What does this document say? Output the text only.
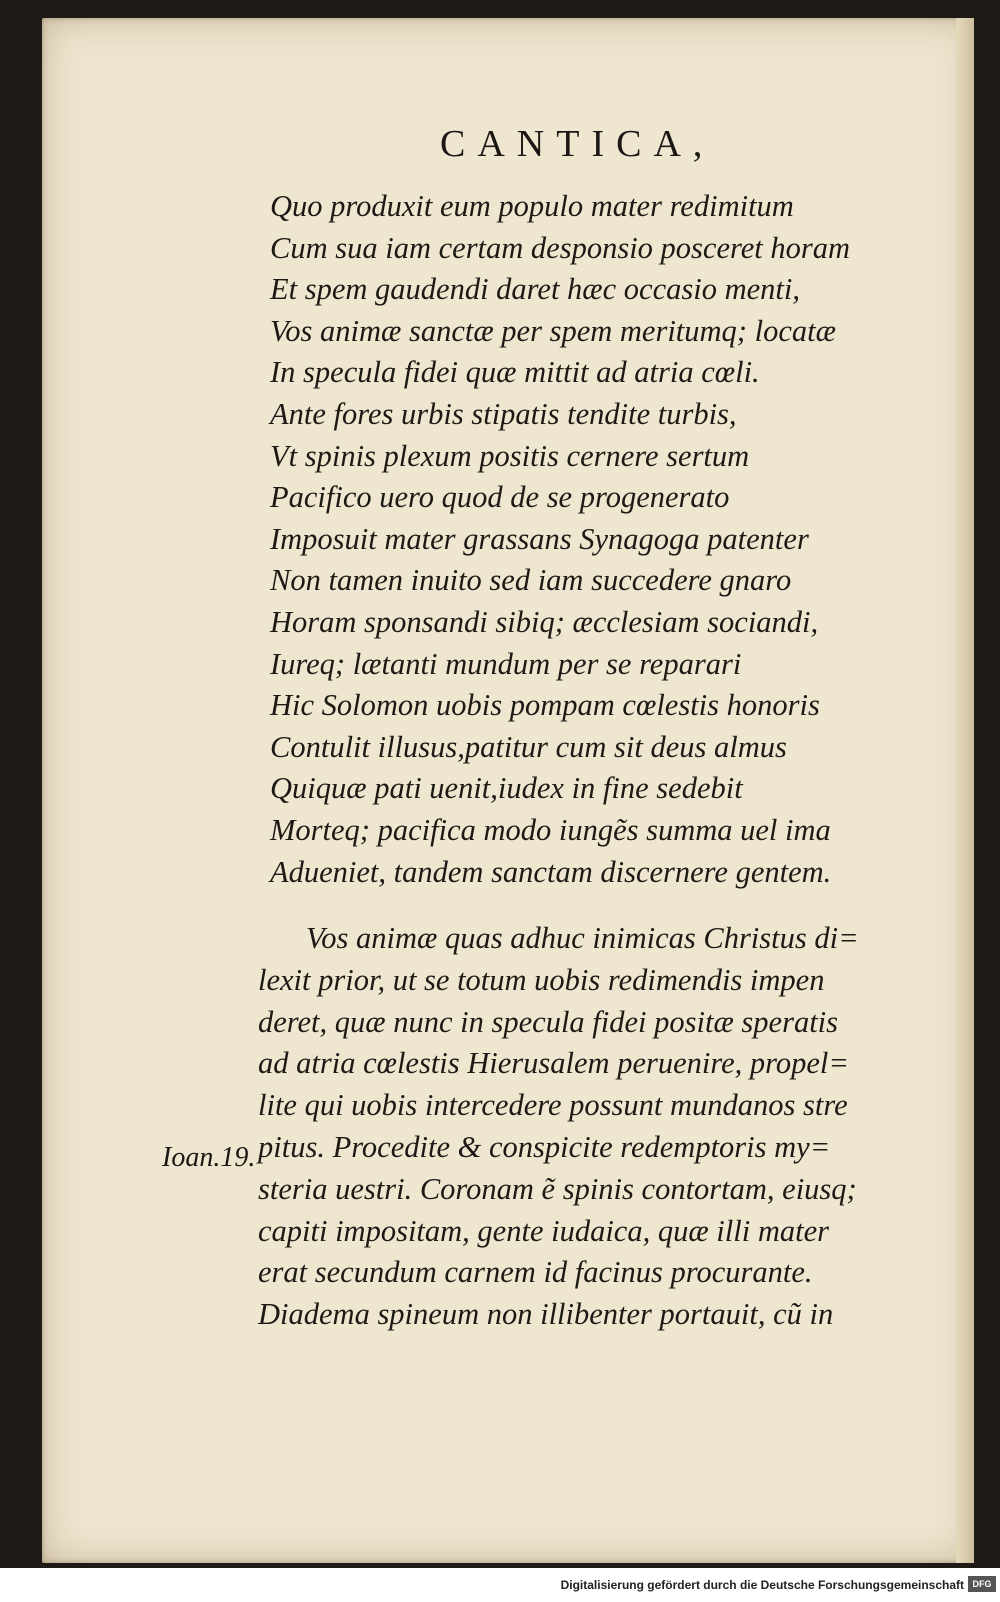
CANTICA,
Quo produxit eum populo mater redimitum
Cum sua iam certam desponsio posceret horam
Et spem gaudendi daret hæc occasio menti,
Vos animæ sanctæ per spem meritumq; locatæ
In specula fidei quæ mittit ad atria cœli.
Ante fores urbis stipatis tendite turbis,
Vt spinis plexum positis cernere sertum
Pacifico uero quod de se progenerato
Imposuit mater grassans Synagoga patenter
Non tamen inuito sed iam succedere gnaro
Horam sponsandi sibiq; æcclesiam sociandi,
Iureq; lætanti mundum per se reparari
Hic Solomon uobis pompam cœlestis honoris
Contulit illusus,patitur cum sit deus almus
Quiquæ pati uenit,iudex in fine sedebit
Morteq; pacifica modo iungẽs summa uel ima
Adueniet, tandem sanctam discernere gentem.
Vos animæ quas adhuc inimicas Christus di=
lexit prior, ut se totum uobis redimendis impen
deret, quæ nunc in specula fidei positæ speratis
ad atria cœlestis Hierusalem peruenire, propel=
lite qui uobis intercedere possunt mundanos stre
pitus. Procedite & conspicite redemptoris my=
steria uestri. Coronam ẽ spinis contortam, eiusq;
capiti impositam, gente iudaica, quæ illi mater
erat secundum carnem id facinus procurante.
Diadema spineum non illibenter portauit, cũ in
Ioan.19.
Digitalisierung gefördert durch die Deutsche Forschungsgemeinschaft DFG
